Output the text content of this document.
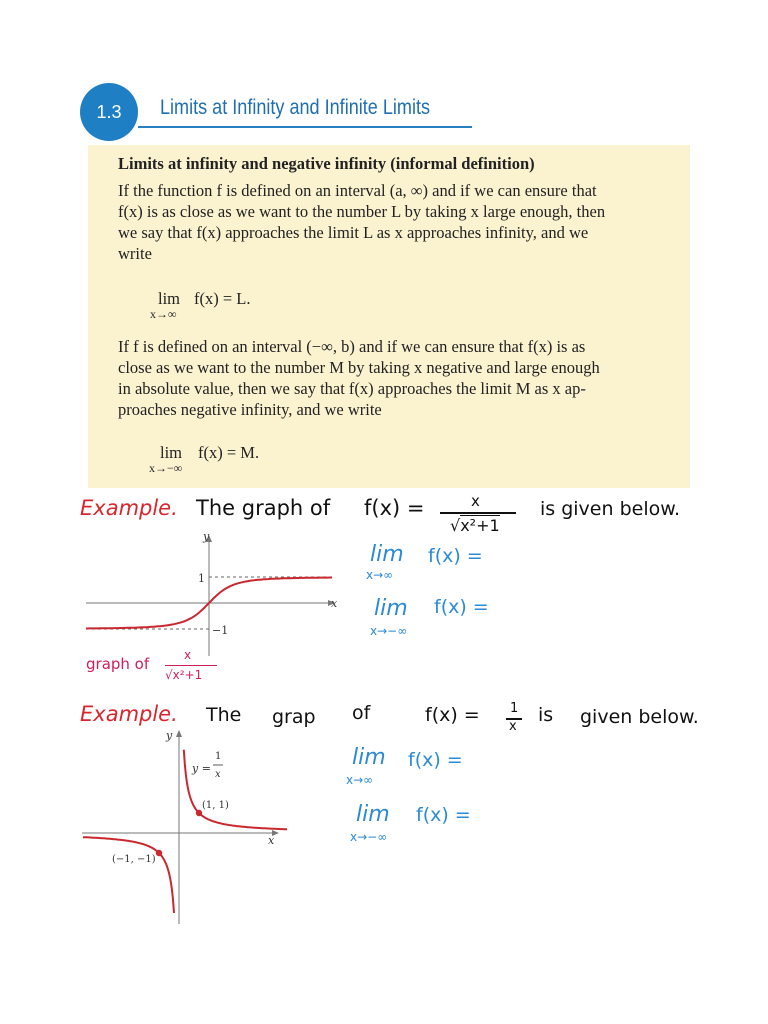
1.3	Limits at Infinity and Infinite Limits
Limits at infinity and negative infinity (informal definition)
If the function f is defined on an interval (a, ∞) and if we can ensure that
f(x) is as close as we want to the number L by taking x large enough, then
we say that f(x) approaches the limit L as x approaches infinity, and we
write
lim
x→∞
f(x) = L.
If f is defined on an interval (−∞, b) and if we can ensure that f(x) is as
close as we want to the number M by taking x negative and large enough
in absolute value, then we say that f(x) approaches the limit M as x ap-
proaches negative infinity, and we write
lim
x→−∞
f(x) = M.
Example. The graph of f(x) =	x
√x²+1
is given below.
y
x
1
−1
graph of	x
√x²+1
lim
x→∞
f(x) =
lim
x→−∞
f(x) =
Example. The grap of	f(x) = 1
x
is given below.
y
x
y =
1
x
(1, 1)
(−1, −1)
lim
x→∞
f(x) =
lim
x→−∞
f(x) =
